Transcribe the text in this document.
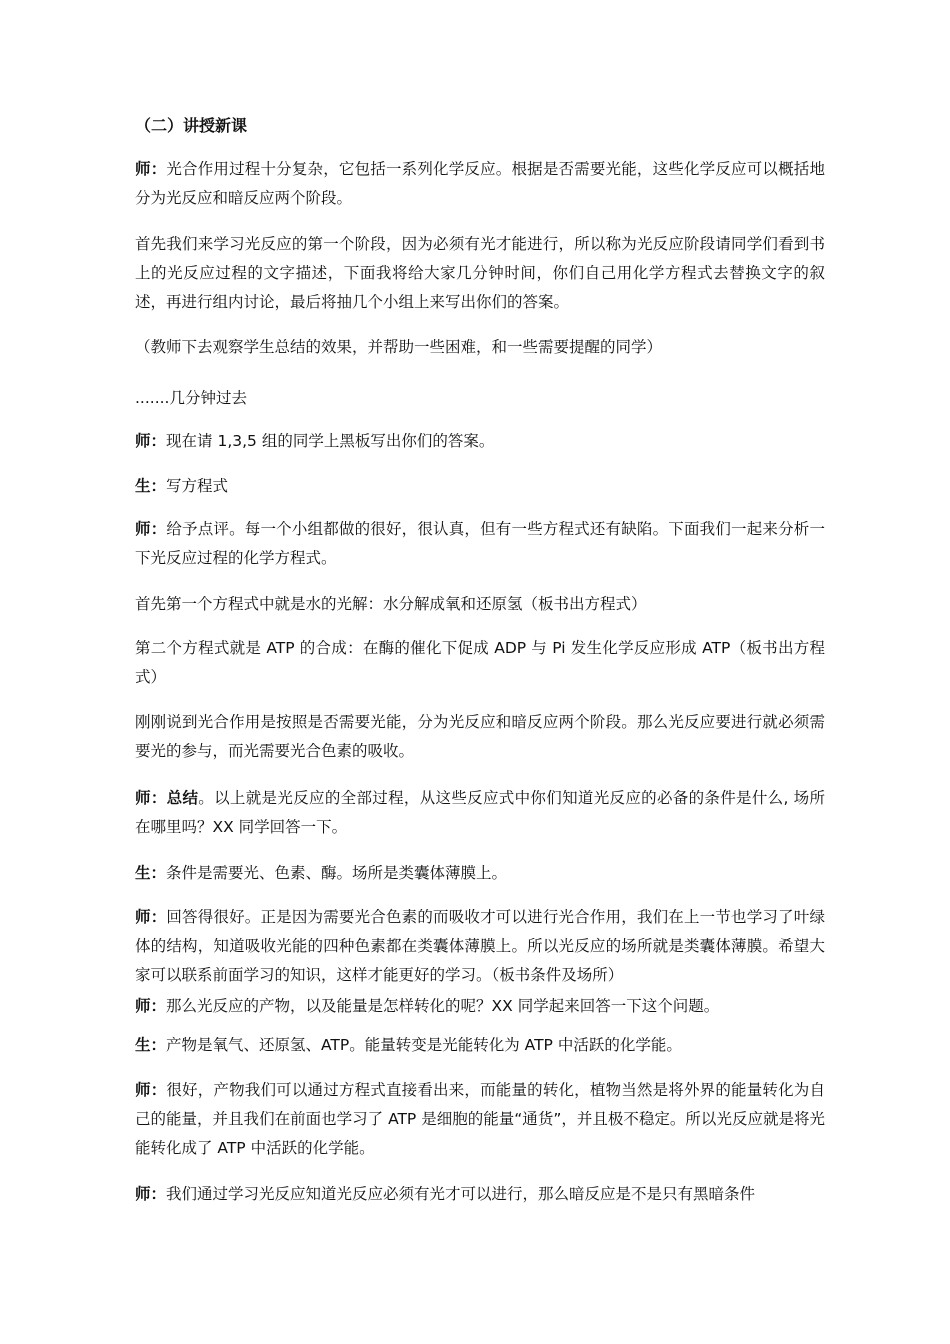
（二）讲授新课
师：光合作用过程十分复杂，它包括一系列化学反应。根据是否需要光能，这些化学反应可以概括地分为光反应和暗反应两个阶段。
首先我们来学习光反应的第一个阶段，因为必须有光才能进行，所以称为光反应阶段请同学们看到书上的光反应过程的文字描述，下面我将给大家几分钟时间，你们自己用化学方程式去替换文字的叙述，再进行组内讨论，最后将抽几个小组上来写出你们的答案。
（教师下去观察学生总结的效果，并帮助一些困难，和一些需要提醒的同学）
.......几分钟过去
师：现在请 1,3,5 组的同学上黑板写出你们的答案。
生：写方程式
师：给予点评。每一个小组都做的很好，很认真，但有一些方程式还有缺陷。下面我们一起来分析一下光反应过程的化学方程式。
首先第一个方程式中就是水的光解：水分解成氧和还原氢（板书出方程式）
第二个方程式就是 ATP 的合成：在酶的催化下促成 ADP 与 Pi 发生化学反应形成 ATP（板书出方程式）
刚刚说到光合作用是按照是否需要光能，分为光反应和暗反应两个阶段。那么光反应要进行就必须需要光的参与，而光需要光合色素的吸收。
师：总结。以上就是光反应的全部过程，从这些反应式中你们知道光反应的必备的条件是什么, 场所在哪里吗？XX 同学回答一下。
生：条件是需要光、色素、酶。场所是类囊体薄膜上。
师：回答得很好。正是因为需要光合色素的而吸收才可以进行光合作用，我们在上一节也学习了叶绿体的结构，知道吸收光能的四种色素都在类囊体薄膜上。所以光反应的场所就是类囊体薄膜。希望大家可以联系前面学习的知识，这样才能更好的学习。（板书条件及场所）
师：那么光反应的产物，以及能量是怎样转化的呢？XX 同学起来回答一下这个问题。
生：产物是氧气、还原氢、ATP。能量转变是光能转化为 ATP 中活跃的化学能。
师：很好，产物我们可以通过方程式直接看出来，而能量的转化，植物当然是将外界的能量转化为自己的能量，并且我们在前面也学习了 ATP 是细胞的能量“通货”，并且极不稳定。所以光反应就是将光能转化成了 ATP 中活跃的化学能。
师：我们通过学习光反应知道光反应必须有光才可以进行，那么暗反应是不是只有黑暗条件
